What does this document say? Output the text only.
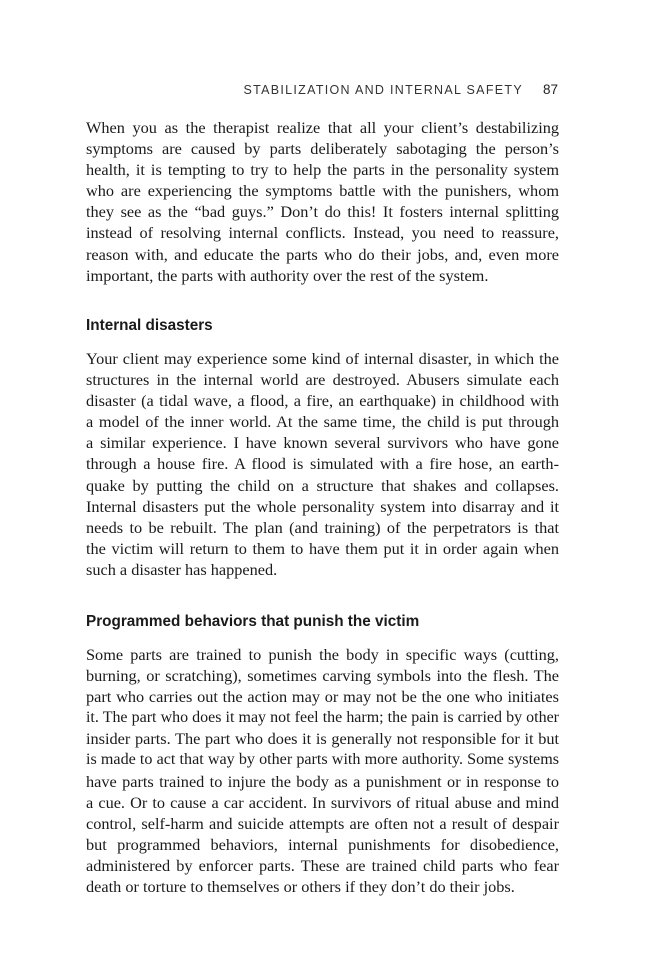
STABILIZATION AND INTERNAL SAFETY 87
When you as the therapist realize that all your client’s destabilizing
symptoms are caused by parts deliberately sabotaging the person’s
health, it is tempting to try to help the parts in the personality system
who are experiencing the symptoms battle with the punishers, whom
they see as the “bad guys.” Don’t do this! It fosters internal splitting
instead of resolving internal conflicts. Instead, you need to reassure,
reason with, and educate the parts who do their jobs, and, even more
important, the parts with authority over the rest of the system.
Internal disasters
Your client may experience some kind of internal disaster, in which the
structures in the internal world are destroyed. Abusers simulate each
disaster (a tidal wave, a flood, a fire, an earthquake) in childhood with
a model of the inner world. At the same time, the child is put through
a similar experience. I have known several survivors who have gone
through a house fire. A flood is simulated with a fire hose, an earth-
quake by putting the child on a structure that shakes and collapses.
Internal disasters put the whole personality system into disarray and it
needs to be rebuilt. The plan (and training) of the perpetrators is that
the victim will return to them to have them put it in order again when
such a disaster has happened.
Programmed behaviors that punish the victim
Some parts are trained to punish the body in specific ways (cutting,
burning, or scratching), sometimes carving symbols into the flesh. The
part who carries out the action may or may not be the one who initiates
it. The part who does it may not feel the harm; the pain is carried by other
insider parts. The part who does it is generally not responsible for it but
is made to act that way by other parts with more authority. Some systems
have parts trained to injure the body as a punishment or in response to
a cue. Or to cause a car accident. In survivors of ritual abuse and mind
control, self-harm and suicide attempts are often not a result of despair
but programmed behaviors, internal punishments for disobedience,
administered by enforcer parts. These are trained child parts who fear
death or torture to themselves or others if they don’t do their jobs.
